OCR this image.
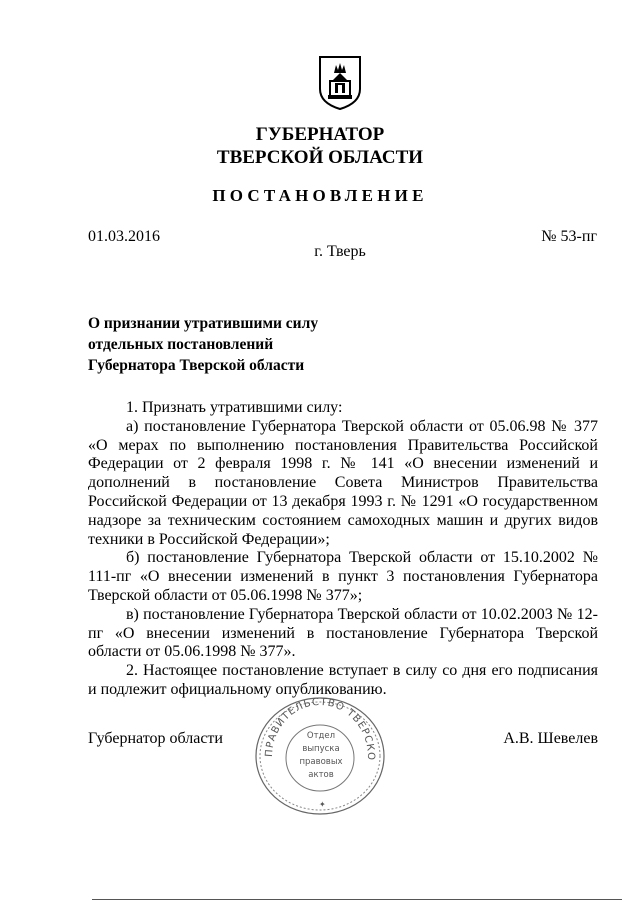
ГУБЕРНАТОР
ТВЕРСКОЙ ОБЛАСТИ
ПОСТАНОВЛЕНИЕ
01.03.2016	№ 53-пг
г. Тверь
О признании утратившими силу
отдельных постановлений
Губернатора Тверской области

1. Признать утратившими силу:

а) постановление Губернатора Тверской области от 05.06.98 № 377 «О мерах по выполнению постановления Правительства Российской Федерации от 2 февраля 1998 г. № 141 «О внесении изменений и дополнений в постановление Совета Министров Правительства Российской Федерации от 13 декабря 1993 г. № 1291 «О государственном надзоре за техническим состоянием самоходных машин и других видов техники в Российской Федерации»;

б) постановление Губернатора Тверской области от 15.10.2002 № 111-пг «О внесении изменений в пункт 3 постановления Губернатора Тверской области от 05.06.1998 № 377»;

в) постановление Губернатора Тверской области от 10.02.2003 № 12-пг «О внесении изменений в постановление Губернатора Тверской области от 05.06.1998 № 377».

2. Настоящее постановление вступает в силу со дня его подписания и подлежит официальному опубликованию.

Губернатор области	А.В. Шевелев
ПРАВИТЕЛЬСТВО ТВЕРСКО
Отдел выпуска правовых актов
✦
